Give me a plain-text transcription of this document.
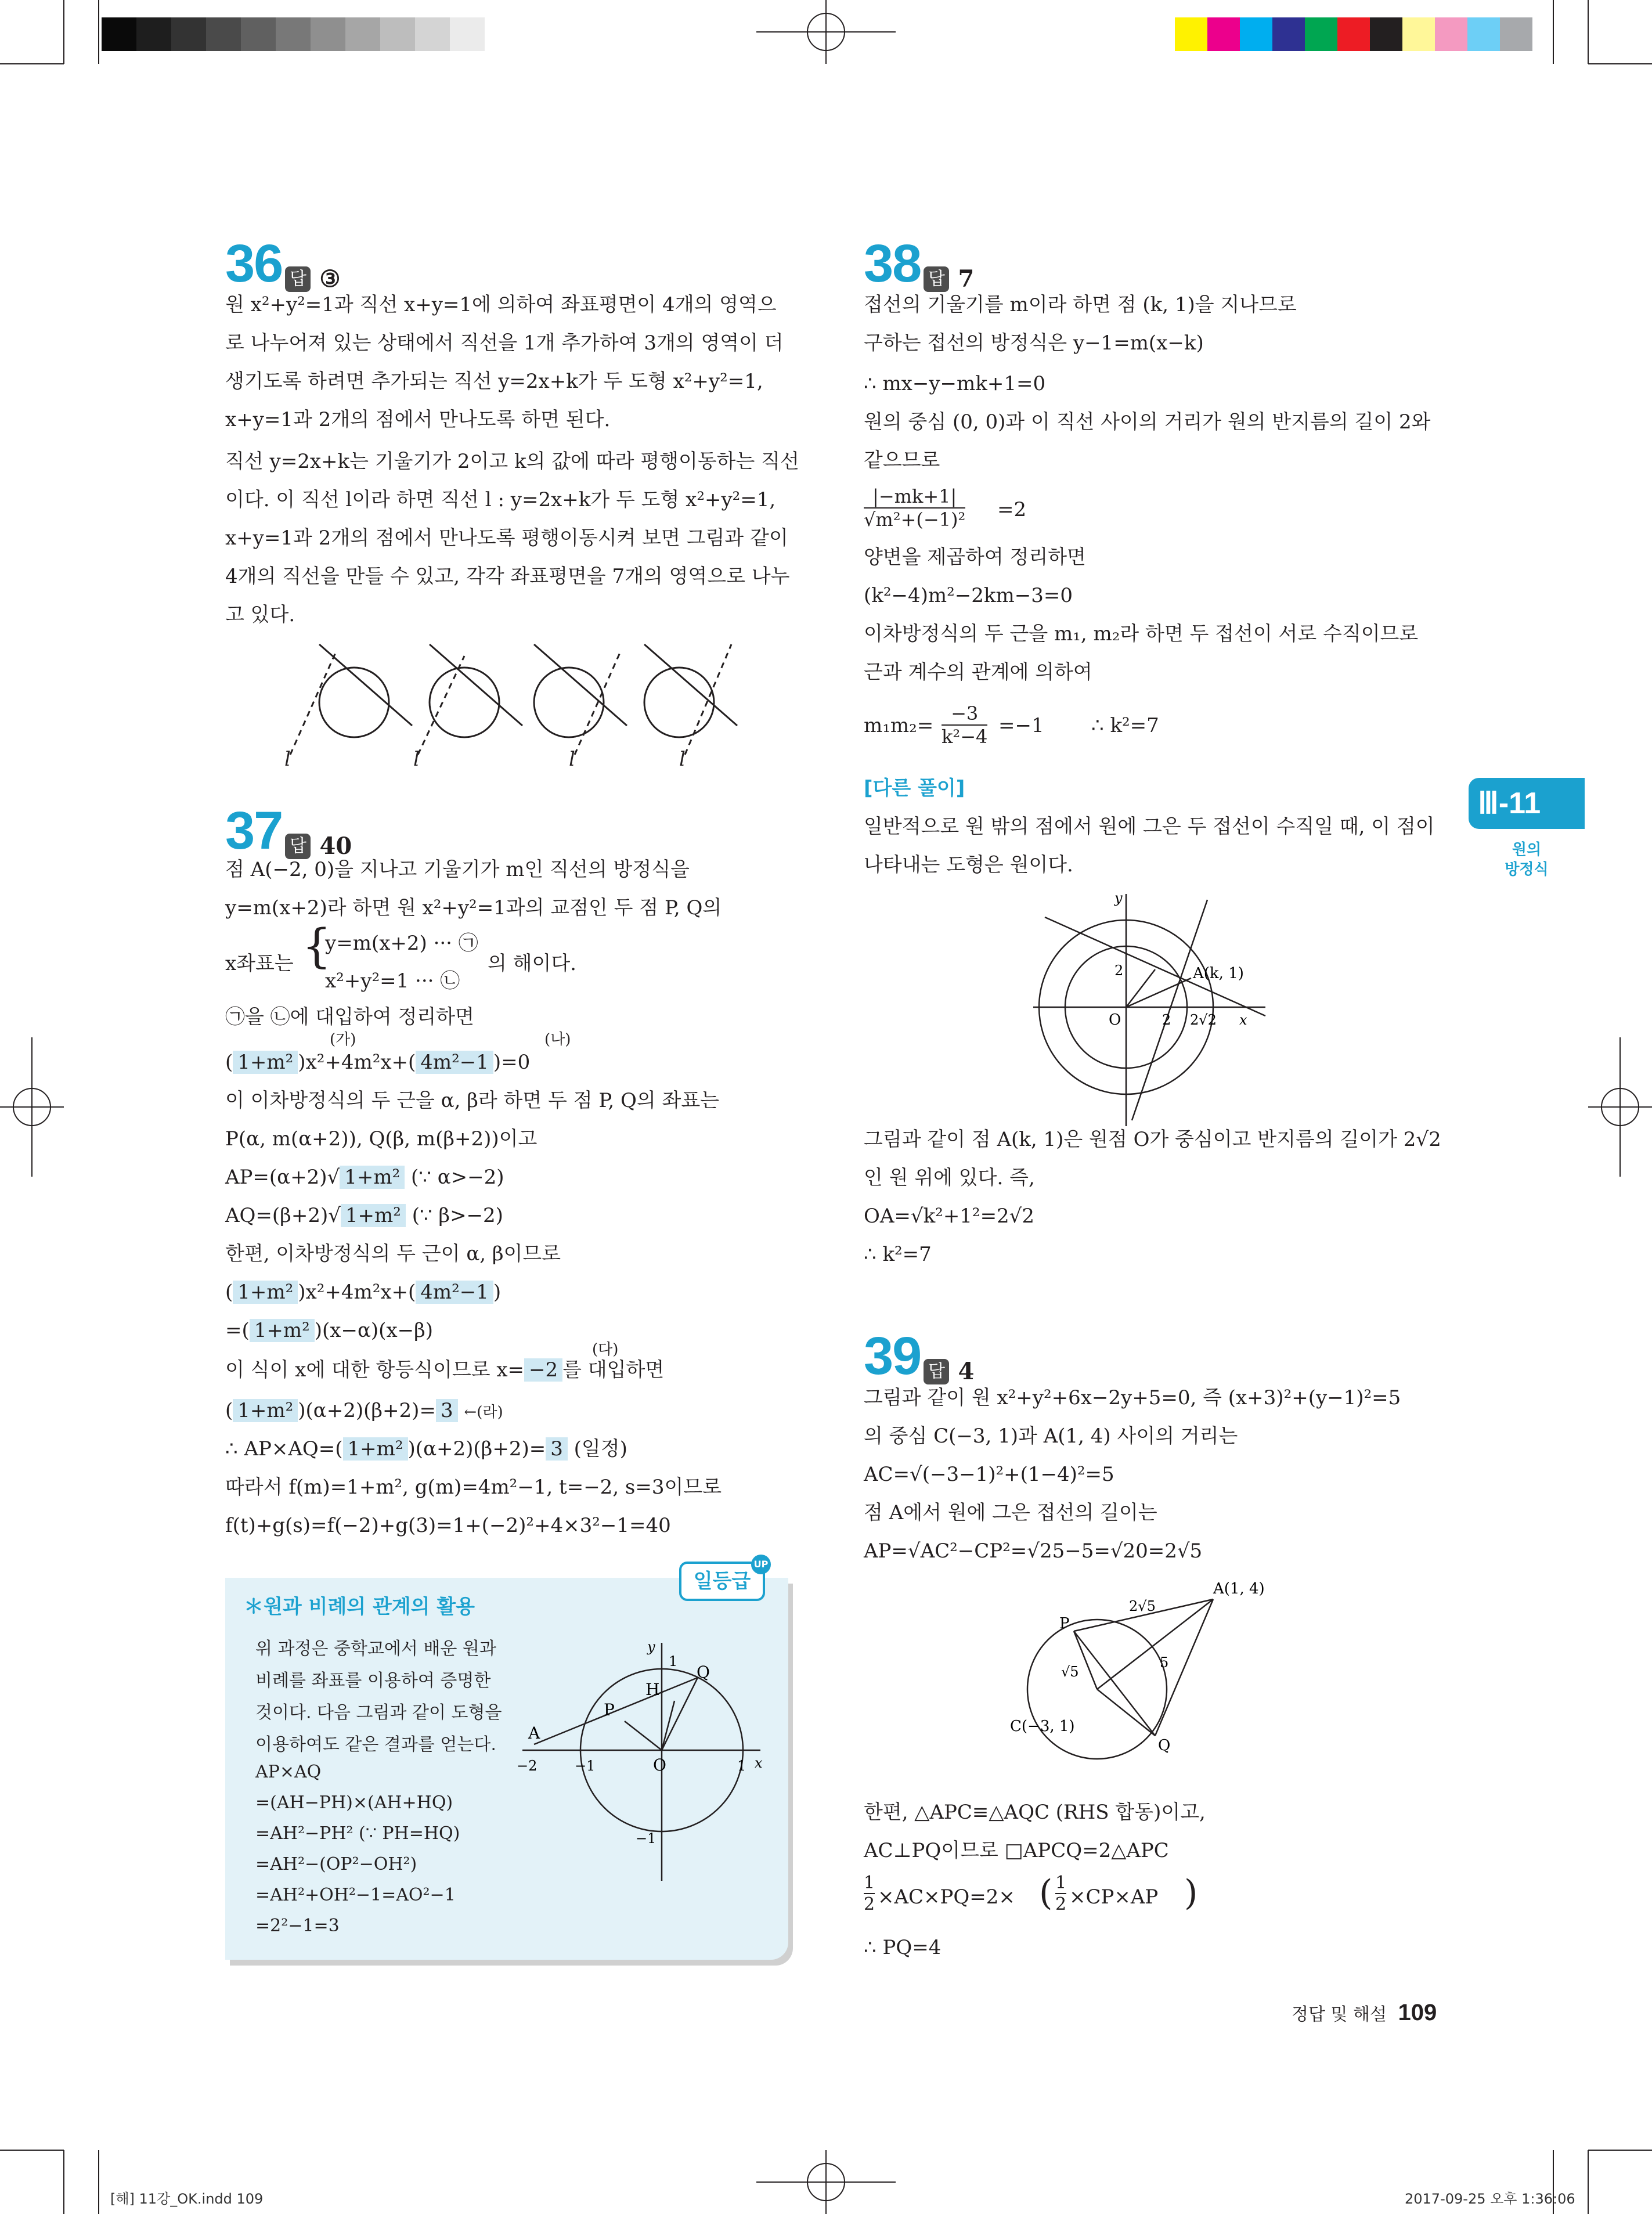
Ⅲ-11
원의
방정식
36 답 ③
원 x²+y²=1과 직선 x+y=1에 의하여 좌표평면이 4개의 영역으
로 나누어져 있는 상태에서 직선을 1개 추가하여 3개의 영역이 더
생기도록 하려면 추가되는 직선 y=2x+k가 두 도형 x²+y²=1,
x+y=1과 2개의 점에서 만나도록 하면 된다.
직선 y=2x+k는 기울기가 2이고 k의 값에 따라 평행이동하는 직선
이다. 이 직선 l이라 하면 직선 l : y=2x+k가 두 도형 x²+y²=1,
x+y=1과 2개의 점에서 만나도록 평행이동시켜 보면 그림과 같이
4개의 직선을 만들 수 있고, 각각 좌표평면을 7개의 영역으로 나누
고 있다.
l	l	l	l
37 답 40
점 A(−2, 0)을 지나고 기울기가 m인 직선의 방정식을
y=m(x+2)라 하면 원 x²+y²=1과의 교점인 두 점 P, Q의
x좌표는 {
y=m(x+2) ··· ㉠
x²+y²=1 ··· ㉡
의 해이다.
㉠을 ㉡에 대입하여 정리하면
(가)	(나)
( 1+m² )x²+4m²x+( 4m²−1 )=0
이 이차방정식의 두 근을 α, β라 하면 두 점 P, Q의 좌표는
P(α, m(α+2)), Q(β, m(β+2))이고
AP=(α+2)√ 1+m² (∵ α>−2)
AQ=(β+2)√ 1+m² (∵ β>−2)
한편, 이차방정식의 두 근이 α, β이므로
( 1+m² )x²+4m²x+( 4m²−1 )
=( 1+m² )(x−α)(x−β)
(다)
이 식이 x에 대한 항등식이므로 x= −2 를 대입하면
( 1+m² )(α+2)(β+2)= 3 ←(라)
∴ AP×AQ=( 1+m² )(α+2)(β+2)= 3 (일정)
따라서 f(m)=1+m², g(m)=4m²−1, t=−2, s=3이므로
f(t)+g(s)=f(−2)+g(3)=1+(−2)²+4×3²−1=40
일등급
UP
＊원과 비례의 관계의 활용
위 과정은 중학교에서 배운 원과
비례를 좌표를 이용하여 증명한
것이다. 다음 그림과 같이 도형을
이용하여도 같은 결과를 얻는다.
AP×AQ
=(AH−PH)×(AH+HQ)
=AH²−PH² (∵ PH=HQ)
=AH²−(OP²−OH²)
=AH²+OH²−1=AO²−1
=2²−1=3
A
P
H
Q
O
y
x
1
−2	−1	1
−1
38 답 7
접선의 기울기를 m이라 하면 점 (k, 1)을 지나므로
구하는 접선의 방정식은 y−1=m(x−k)
∴ mx−y−mk+1=0
원의 중심 (0, 0)과 이 직선 사이의 거리가 원의 반지름의 길이 2와
같으므로
$\frac{|-mk+1|}{\text{√m²+(−1)²}} =2$
양변을 제곱하여 정리하면
(k²−4)m²−2km−3=0
이차방정식의 두 근을 m₁, m₂라 하면 두 접선이 서로 수직이므로
근과 계수의 관계에 의하여
$m_1m_2= \frac{-3}{\text{k²−4}} =-1$ ∴ k²=7
[다른 풀이]
일반적으로 원 밖의 점에서 원에 그은 두 접선이 수직일 때, 이 점이
나타내는 도형은 원이다.
y
x
O
2
2 2√2
A(k, 1)
그림과 같이 점 A(k, 1)은 원점 O가 중심이고 반지름의 길이가 2√2
인 원 위에 있다. 즉,
OA=√k²+1²=2√2
∴ k²=7
39 답 4
그림과 같이 원 x²+y²+6x−2y+5=0, 즉 (x+3)²+(y−1)²=5
의 중심 C(−3, 1)과 A(1, 4) 사이의 거리는
AC=√(−3−1)²+(1−4)²=5
점 A에서 원에 그은 접선의 길이는
AP=√AC²−CP²=√25−5=√20=2√5
A(1, 4)
P
C(−3, 1)
Q
2√5
√5
5
한편, △APC≡△AQC (RHS 합동)이고,
AC⊥PQ이므로 □APCQ=2△APC
$\frac{1}{2} \times AC\times PQ=2\times$ ( $\frac{1}{2} \times CP\times AP$ )
∴ PQ=4
정답 및 해설 109
[해] 11강_OK.indd 109	2017-09-25 오후 1:36:06
